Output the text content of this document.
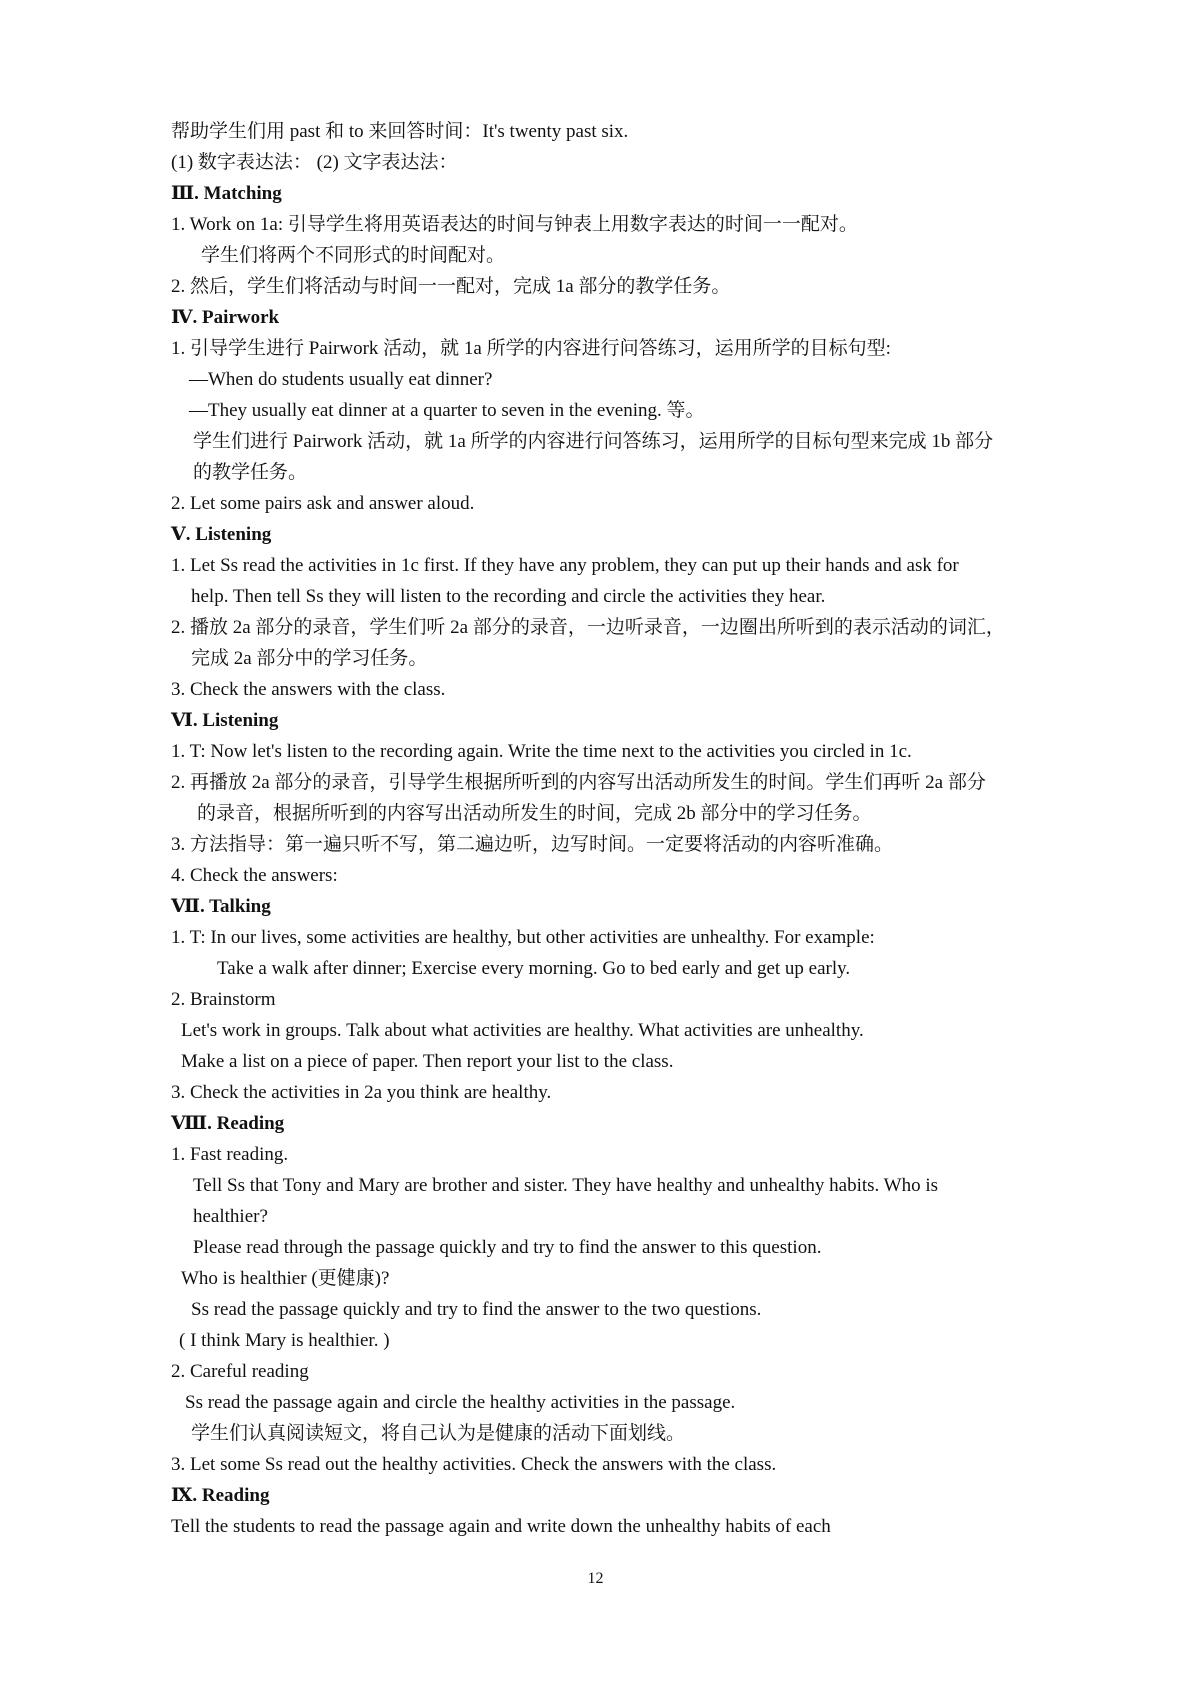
帮助学生们用 past 和 to 来回答时间：It's twenty past six.
(1) 数字表达法： (2) 文字表达法：
Ⅲ. Matching
1. Work on 1a: 引导学生将用英语表达的时间与钟表上用数字表达的时间一一配对。
学生们将两个不同形式的时间配对。
2. 然后，学生们将活动与时间一一配对，完成 1a 部分的教学任务。
Ⅳ. Pairwork
1. 引导学生进行 Pairwork 活动，就 1a 所学的内容进行问答练习，运用所学的目标句型:
—When do students usually eat dinner?
—They usually eat dinner at a quarter to seven in the evening. 等。
学生们进行 Pairwork 活动，就 1a 所学的内容进行问答练习，运用所学的目标句型来完成 1b 部分
的教学任务。
2. Let some pairs ask and answer aloud.
Ⅴ. Listening
1. Let Ss read the activities in 1c first. If they have any problem, they can put up their hands and ask for
help. Then tell Ss they will listen to the recording and circle the activities they hear.
2. 播放 2a 部分的录音，学生们听 2a 部分的录音，一边听录音，一边圈出所听到的表示活动的词汇，
完成 2a 部分中的学习任务。
3. Check the answers with the class.
Ⅵ. Listening
1. T: Now let's listen to the recording again. Write the time next to the activities you circled in 1c.
2. 再播放 2a 部分的录音，引导学生根据所听到的内容写出活动所发生的时间。学生们再听 2a 部分
的录音，根据所听到的内容写出活动所发生的时间，完成 2b 部分中的学习任务。
3. 方法指导：第一遍只听不写，第二遍边听，边写时间。一定要将活动的内容听准确。
4. Check the answers:
Ⅶ. Talking
1. T: In our lives, some activities are healthy, but other activities are unhealthy. For example:
Take a walk after dinner; Exercise every morning. Go to bed early and get up early.
2. Brainstorm
Let's work in groups. Talk about what activities are healthy. What activities are unhealthy.
Make a list on a piece of paper. Then report your list to the class.
3. Check the activities in 2a you think are healthy.
Ⅷ. Reading
1. Fast reading.
Tell Ss that Tony and Mary are brother and sister. They have healthy and unhealthy habits. Who is
healthier?
Please read through the passage quickly and try to find the answer to this question.
Who is healthier (更健康)?
Ss read the passage quickly and try to find the answer to the two questions.
( I think Mary is healthier. )
2. Careful reading
Ss read the passage again and circle the healthy activities in the passage.
学生们认真阅读短文，将自己认为是健康的活动下面划线。
3. Let some Ss read out the healthy activities. Check the answers with the class.
Ⅸ. Reading
Tell the students to read the passage again and write down the unhealthy habits of each
12
